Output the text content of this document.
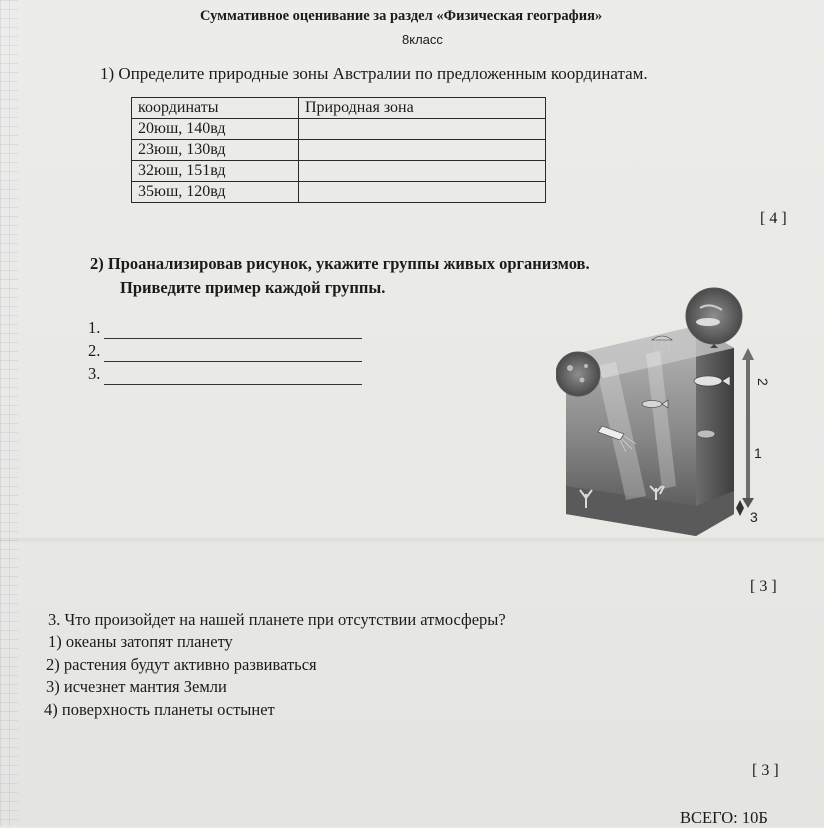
Суммативное оценивание за раздел «Физическая география»
8класс
1) Определите природные зоны Австралии по предложенным координатам.
координаты	Природная зона
20юш, 140вд	
23юш, 130вд	
32юш, 151вд	
35юш, 120вд	
[ 4 ]
2) Проанализировав рисунок, укажите группы живых организмов.
Приведите пример каждой группы.
1.
2.
3.	2
1
3
[ 3 ]
3. Что произойдет на нашей планете при отсутствии атмосферы?
1) океаны затопят планету
2) растения будут активно развиваться
3) исчезнет мантия Земли
4) поверхность планеты остынет
[ 3 ]
ВСЕГО: 10Б
